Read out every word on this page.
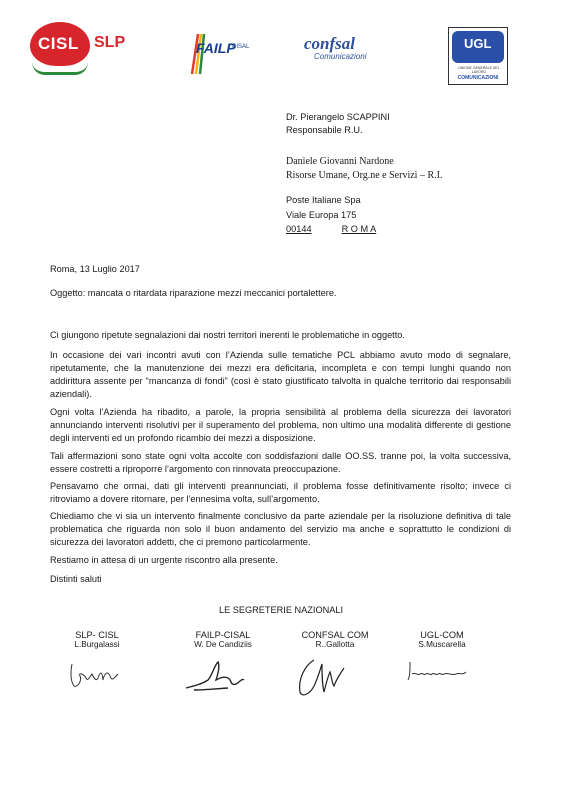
CISL SLP	FAILP
CISAL	confsal
Comunicazioni
UGL
UNIONE GENERALE DEL LAVORO
COMUNICAZIONI
Dr. Pierangelo SCAPPINI
Responsabile R.U.
Daniele Giovanni Nardone
Risorse Umane, Org.ne e Servizi – R.I.
Poste Italiane Spa
Viale Europa 175
00144	R O M A
Roma, 13 Luglio 2017
Oggetto: mancata o ritardata riparazione mezzi meccanici portalettere.
Ci giungono ripetute segnalazioni dai nostri territori inerenti le problematiche in oggetto.
In occasione dei vari incontri avuti con l’Azienda sulle tematiche PCL abbiamo avuto modo di segnalare, ripetutamente, che la manutenzione dei mezzi era deficitaria, incompleta e con tempi lunghi quando non addirittura assente per “mancanza di fondi” (così è stato giustificato talvolta in qualche territorio dai responsabili aziendali).
Ogni volta l’Azienda ha ribadito, a parole, la propria sensibilità al problema della sicurezza dei lavoratori annunciando interventi risolutivi per il superamento del problema, non ultimo una modalità differente di gestione degli interventi ed un profondo ricambio dei mezzi a disposizione.
Tali affermazioni sono state ogni volta accolte con soddisfazioni dalle OO.SS. tranne poi, la volta successiva, essere costretti a riproporre l’argomento con rinnovata preoccupazione.
Pensavamo che ormai, dati gli interventi preannunciati, il problema fosse definitivamente risolto; invece ci ritroviamo a dovere ritornare, per l’ennesima volta, sull’argomento.
Chiediamo che vi sia un intervento finalmente conclusivo da parte aziendale per la risoluzione definitiva di tale problematica che riguarda non solo il buon andamento del servizio ma anche e soprattutto le condizioni di sicurezza dei lavoratori addetti, che ci premono particolarmente.
Restiamo in attesa di un urgente riscontro alla presente.
Distinti saluti
LE SEGRETERIE NAZIONALI
SLP- CISL
L.Burgalassi
FAILP-CISAL
W. De Candiziis
CONFSAL COM
R..Gallotta
UGL-COM
S.Muscarella
